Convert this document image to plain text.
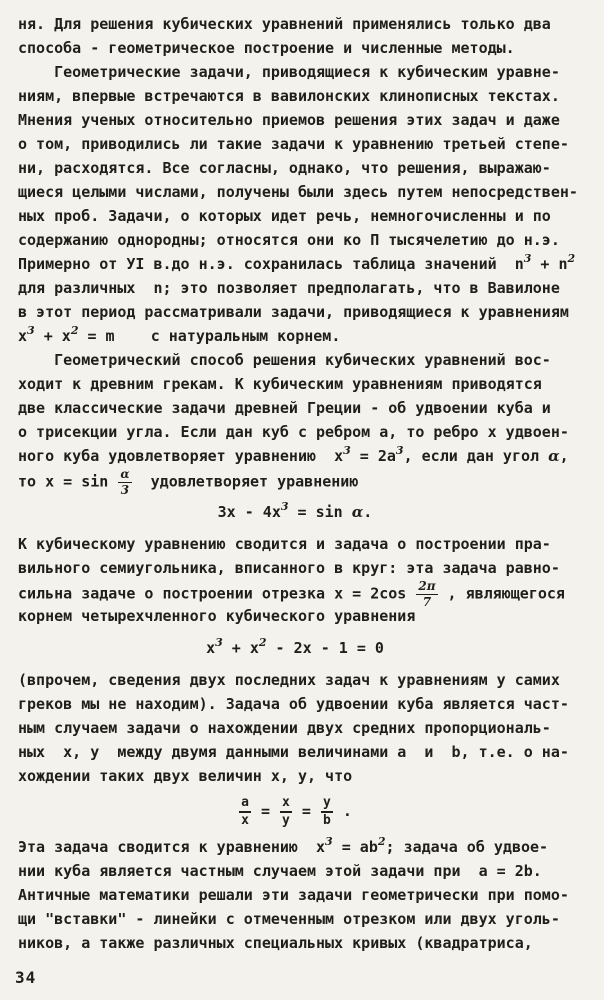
ня. Для решения кубических уравнений применялись только два
способа - геометрическое построение и численные методы.
Геометрические задачи, приводящиеся к кубическим уравне-
ниям, впервые встречаются в вавилонских клинописных текстах.
Мнения ученых относительно приемов решения этих задач и даже
о том, приводились ли такие задачи к уравнению третьей степе-
ни, расходятся. Все согласны, однако, что решения, выражаю-
щиеся целыми числами, получены были здесь путем непосредствен-
ных проб. Задачи, о которых идет речь, немногочисленны и по
содержанию однородны; относятся они ко П тысячелетию до н.э.
Примерно от УI в.до н.э. сохранилась таблица значений  $n^3 + n^2$
для различных  n; это позволяет предполагать, что в Вавилоне
в этот период рассматривали задачи, приводящиеся к уравнениям
$x^3 + x^2 = m$    с натуральным корнем.
Геометрический способ решения кубических уравнений вос-
ходит к древним грекам. К кубическим уравнениям приводятся
две классические задачи древней Греции - об удвоении куба и
о трисекции угла. Если дан куб с ребром a, то ребро x удвоен-
ного куба удовлетворяет уравнению  $x^3 = 2a^3$, если дан угол α,
то $x = \sin \frac{\alpha}{3}$ удовлетворяет уравнению
$3x - 4x^3 = \sin \alpha$.
К кубическому уравнению сводится и задача о построении пра-
вильного семиугольника, вписанного в круг: эта задача равно-
сильна задаче о построении отрезка $x = 2\cos \frac{2\pi}{7}$ , являющегося
корнем четырехчленного кубического уравнения
$x^3 + x^2 - 2x - 1 = 0$
(впрочем, сведения двух последних задач к уравнениям у самих
греков мы не находим). Задача об удвоении куба является част-
ным случаем задачи о нахождении двух средних пропорциональ-
ных  x, y  между двумя данными величинами a  и  b, т.е. о на-
хождении таких двух величин x, y, что
$\frac{a}{x} = \frac{x}{y} = \frac{y}{b}$ .
Эта задача сводится к уравнению  $x^3 = ab^2$; задача об удвое-
нии куба является частным случаем этой задачи при  a = 2b.
Античные математики решали эти задачи геометрически при помо-
щи "вставки" - линейки с отмеченным отрезком или двух уголь-
ников, а также различных специальных кривых (квадратриса,
34
